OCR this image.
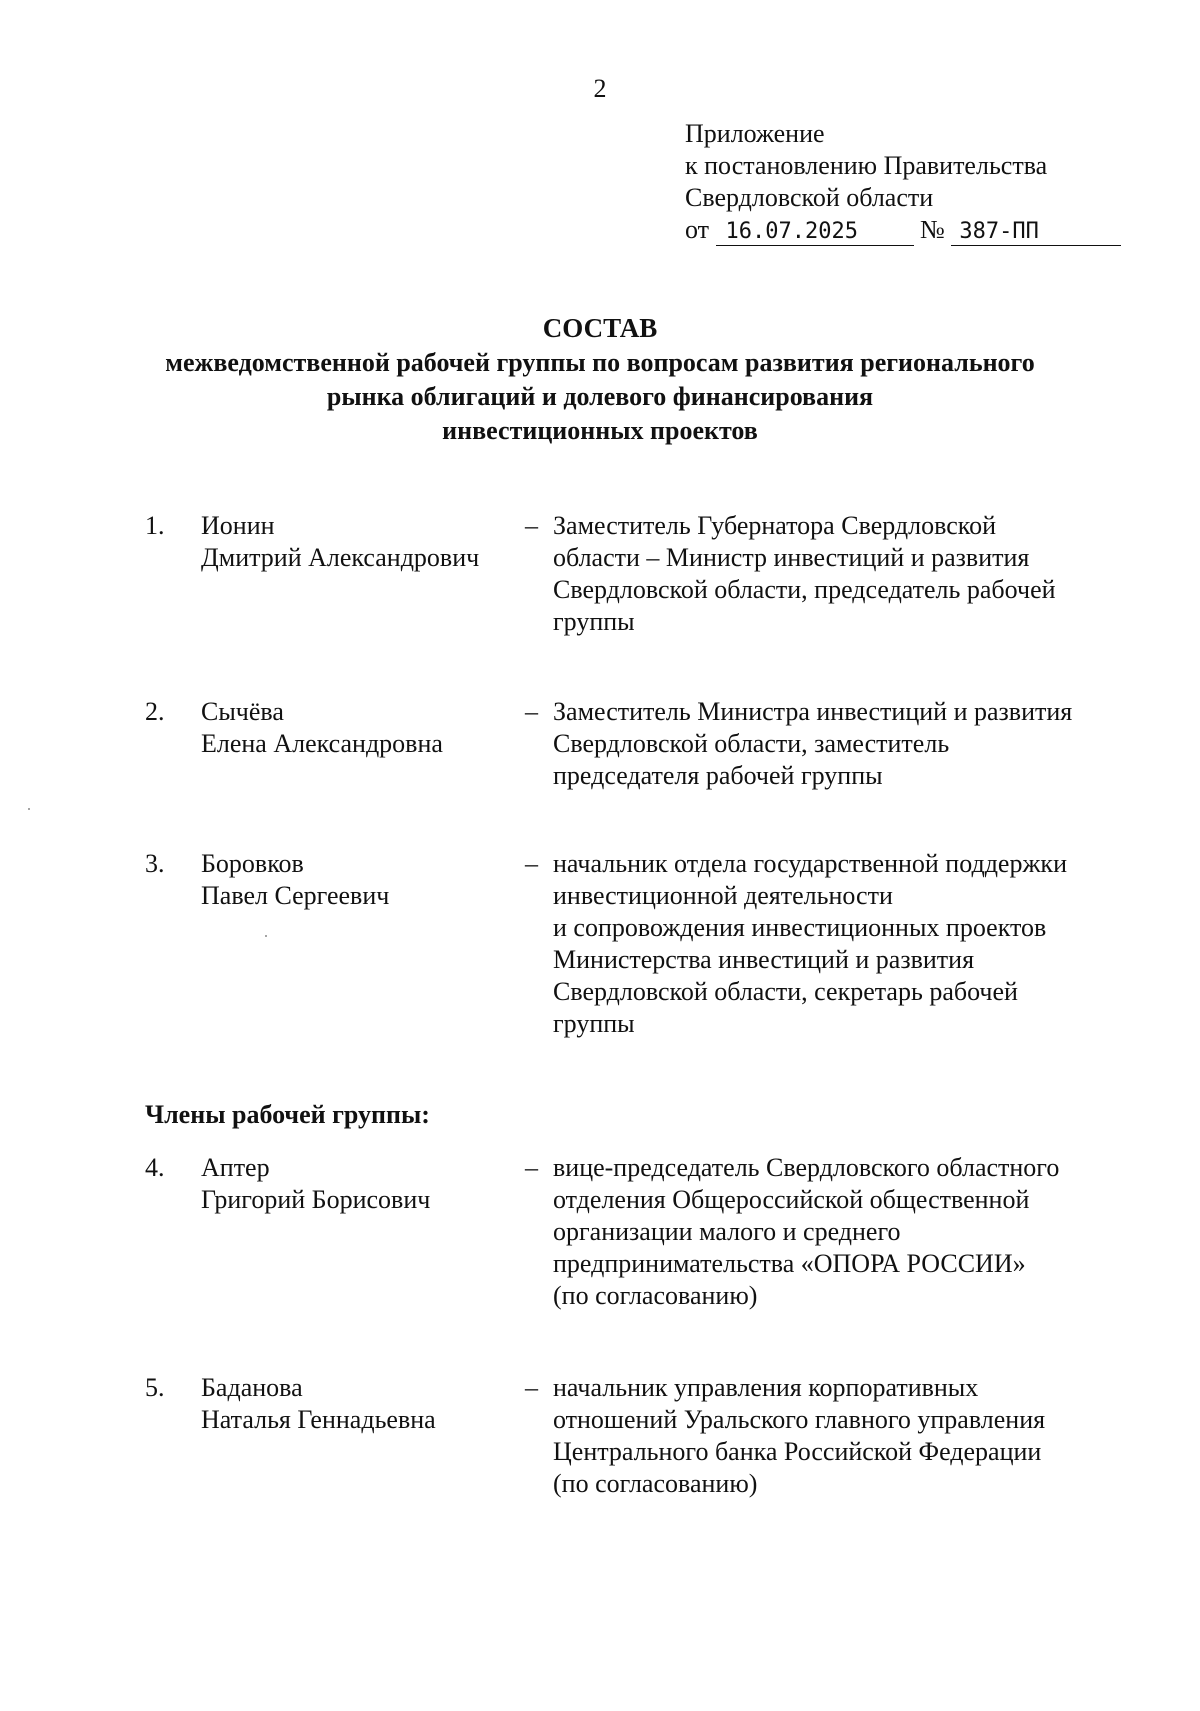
2
Приложение
к постановлению Правительства
Свердловской области
от 16.07.2025 № 387-ПП
СОСТАВ
межведомственной рабочей группы по вопросам развития регионального
рынка облигаций и долевого финансирования
инвестиционных проектов
1. Ионин
Дмитрий Александрович
– Заместитель Губернатора Свердловской
области – Министр инвестиций и развития
Свердловской области, председатель рабочей
группы
2. Сычёва
Елена Александровна
– Заместитель Министра инвестиций и развития
Свердловской области, заместитель
председателя рабочей группы
3. Боровков
Павел Сергеевич
– начальник отдела государственной поддержки
инвестиционной деятельности
и сопровождения инвестиционных проектов
Министерства инвестиций и развития
Свердловской области, секретарь рабочей
группы
4. Аптер
Григорий Борисович
– вице-председатель Свердловского областного
отделения Общероссийской общественной
организации малого и среднего
предпринимательства «ОПОРА РОССИИ»
(по согласованию)
5. Баданова
Наталья Геннадьевна
– начальник управления корпоративных
отношений Уральского главного управления
Центрального банка Российской Федерации
(по согласованию)
Члены рабочей группы:
